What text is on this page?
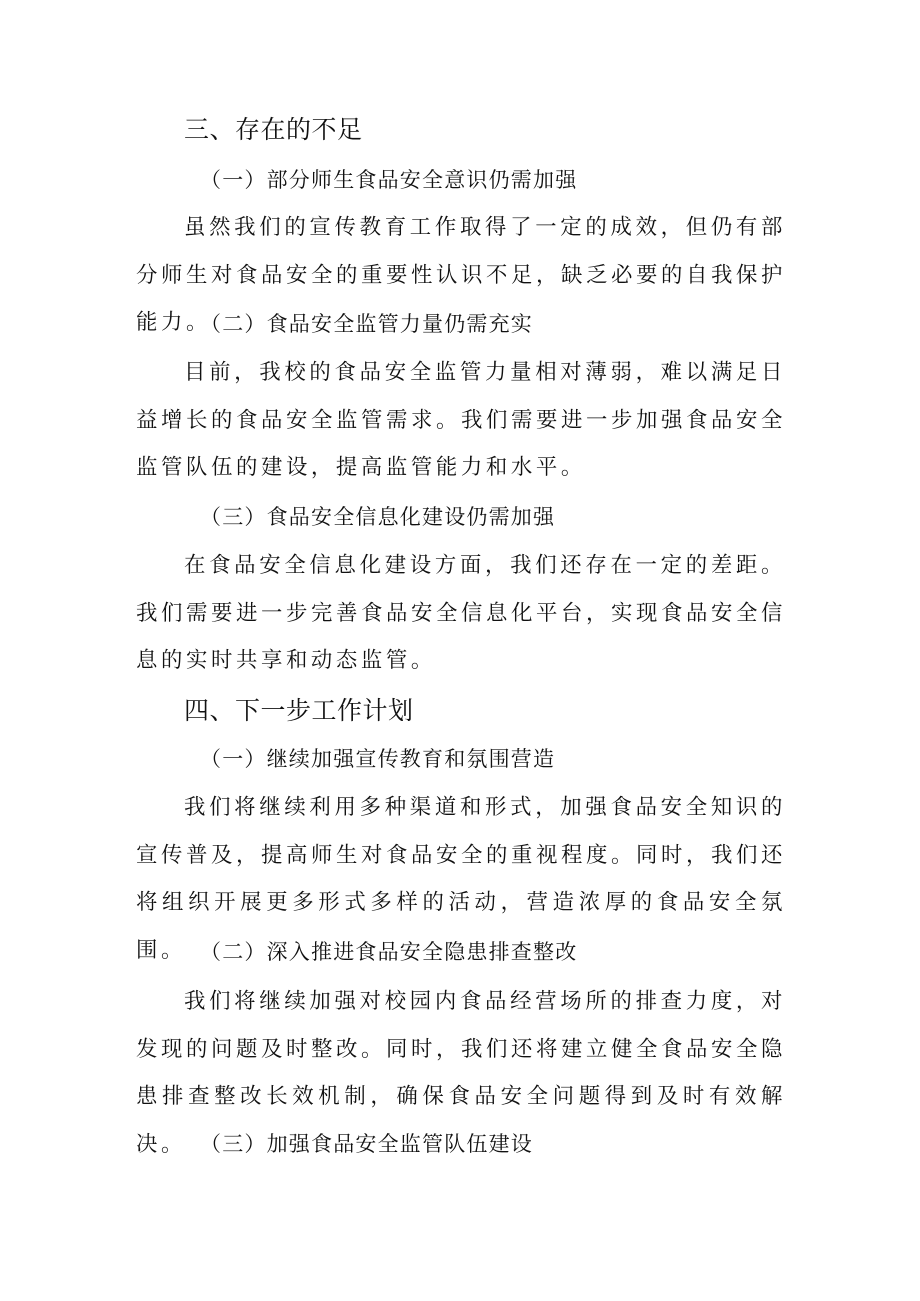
三、存在的不足
（一）部分师生食品安全意识仍需加强

虽然我们的宣传教育工作取得了一定的成效，但仍有部分师生对食品安全的重要性认识不足，缺乏必要的自我保护能力。

（二）食品安全监管力量仍需充实

目前，我校的食品安全监管力量相对薄弱，难以满足日益增长的食品安全监管需求。我们需要进一步加强食品安全监管队伍的建设，提高监管能力和水平。

（三）食品安全信息化建设仍需加强

在食品安全信息化建设方面，我们还存在一定的差距。我们需要进一步完善食品安全信息化平台，实现食品安全信息的实时共享和动态监管。

四、下一步工作计划
（一）继续加强宣传教育和氛围营造

我们将继续利用多种渠道和形式，加强食品安全知识的宣传普及，提高师生对食品安全的重视程度。同时，我们还将组织开展更多形式多样的活动，营造浓厚的食品安全氛围。 （二）深入推进食品安全隐患排查整改

我们将继续加强对校园内食品经营场所的排查力度，对发现的问题及时整改。同时，我们还将建立健全食品安全隐患排查整改长效机制，确保食品安全问题得到及时有效解决。 （三）加强食品安全监管队伍建设
